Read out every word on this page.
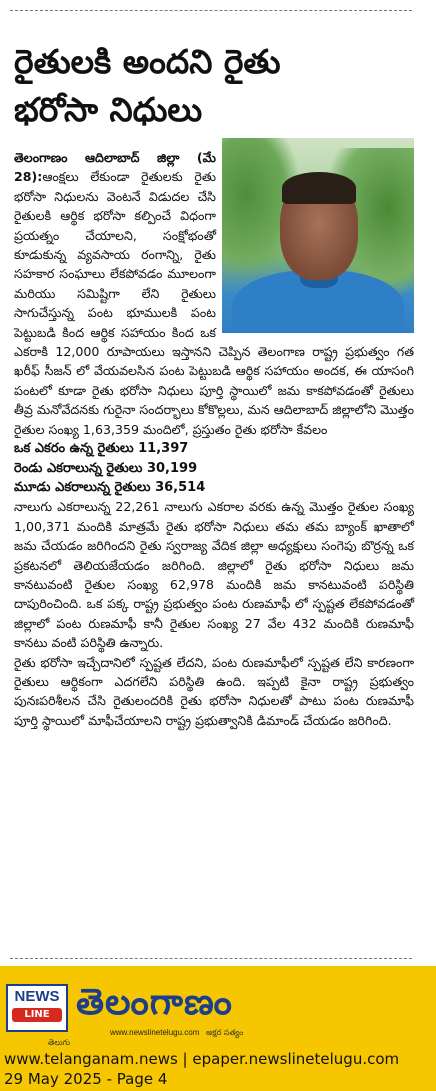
రైతులకి అందని రైతు
భరోసా నిధులు

తెలంగాణం ఆదిలాబాద్ జిల్లా (మే 28):ఆంక్షలు లేకుండా రైతులకు రైతు భరోసా నిధులను వెంటనే విడుదల చేసి రైతులకి ఆర్థిక భరోసా కల్పించే విధంగా ప్రయత్నం చేయాలని, సంక్షోభంతో కూడుకున్న వ్యవసాయ రంగాన్ని, రైతు సహకార సంఘాలు లేకపోవడం మూలంగా మరియు సమిష్టిగా లేని రైతులు సాగుచేస్తున్న పంట భూములకి పంట పెట్టుబడి కింద ఆర్థిక సహాయం కింద ఒక ఎకరాకి 12,000 రూపాయలు ఇస్తానని చెప్పిన తెలంగాణ రాష్ట్ర ప్రభుత్వం గత ఖరీఫ్ సీజన్ లో వేయవలసిన పంట పెట్టుబడి ఆర్థిక సహాయం అందక, ఈ యాసంగి పంటలో కూడా రైతు భరోసా నిధులు పూర్తి స్థాయిలో జమ కాకపోవడంతో రైతులు తీవ్ర మనోవేదనకు గురైనా సందర్భాలు కోకొల్లలు, మన ఆదిలాబాద్ జిల్లాలోని మొత్తం రైతుల సంఖ్య 1,63,359 మందిలో, ప్రస్తుతం రైతు భరోసా కేవలం

ఒక ఎకరం ఉన్న రైతులు 11,397

రెండు ఎకరాలున్న రైతులు 30,199

మూడు ఎకరాలున్న రైతులు 36,514

నాలుగు ఎకరాలున్న 22,261 నాలుగు ఎకరాల వరకు ఉన్న మొత్తం రైతుల సంఖ్య 1,00,371 మందికి మాత్రమే రైతు భరోసా నిధులు తమ తమ బ్యాంక్ ఖాతాలో జమ చేయడం జరిగిందని రైతు స్వరాజ్య వేదిక జిల్లా అధ్యక్షులు సంగెపు బొర్రన్న ఒక ప్రకటనలో తెలియజేయడం జరిగింది. జిల్లాలో రైతు భరోసా నిధులు జమ కానటువంటి రైతుల సంఖ్య 62,978 మందికి జమ కానటువంటి పరిస్థితి దాపురించింది. ఒక పక్క రాష్ట్ర ప్రభుత్వం పంట రుణమాఫీ లో స్పష్టత లేకపోవడంతో జిల్లాలో పంట రుణమాఫీ కానీ రైతుల సంఖ్య 27 వేల 432 మందికి రుణమాఫీ కానటు వంటి పరిస్థితి ఉన్నారు.

రైతు భరోసా ఇచ్చేదానిలో స్పష్టత లేదని, పంట రుణమాఫీలో స్పష్టత లేని కారణంగా రైతులు ఆర్థికంగా ఎదగలేని పరిస్థితి ఉంది. ఇప్పటి కైనా రాష్ట్ర ప్రభుత్వం పునఃపరిశీలన చేసి రైతులందరికి రైతు భరోసా నిధులతో పాటు పంట రుణమాఫీ పూర్తి స్థాయిలో మాఫీచేయాలని రాష్ట్ర ప్రభుత్వానికి డిమాండ్ చేయడం జరిగింది.

NEWS
LINE
తెలుగు
తెలంగాణం
www.newslinetelugu.com అక్షర సత్యం
www.telanganam.news | epaper.newslinetelugu.com
29 May 2025 - Page 4
